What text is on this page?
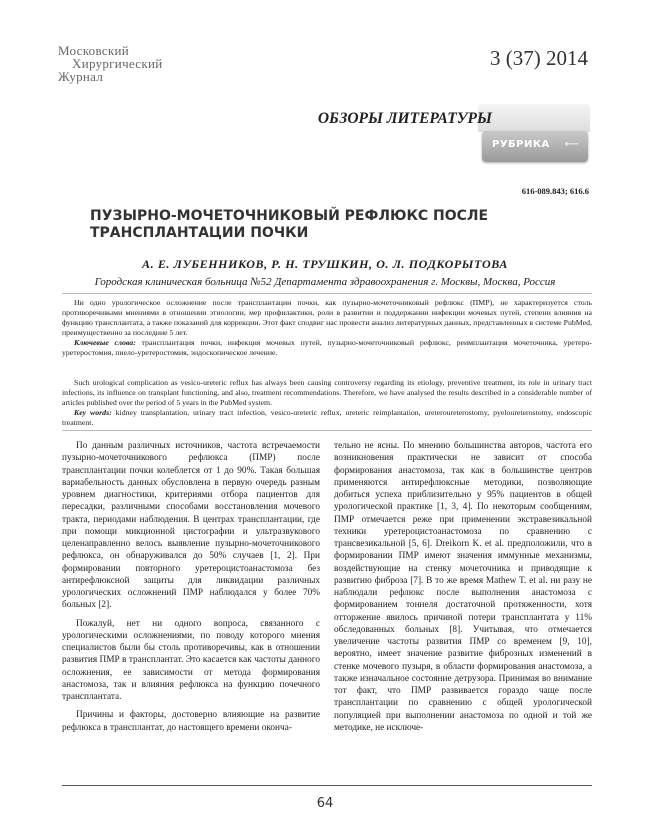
Московский
Хирургический
Журнал
3 (37) 2014
ОБЗОРЫ ЛИТЕРАТУРЫ
РУБРИКА ⟵
616-089.843; 616.6
ПУЗЫРНО-МОЧЕТОЧНИКОВЫЙ РЕФЛЮКС ПОСЛЕ ТРАНСПЛАНТАЦИИ ПОЧКИ
А. Е. ЛУБЕННИКОВ, Р. Н. ТРУШКИН, О. Л. ПОДКОРЫТОВА
Городская клиническая больница №52 Департамента здравоохранения г. Москвы, Москва, Россия

Ни одно урологическое осложнение после трансплантации почки, как пузырно-мочеточниковый рефлюкс (ПМР), не характеризуется столь противоречивыми мнениями в отношении этиологии, мер профилактики, роли в развитии и поддержании инфекции мочевых путей, степени влияния на функцию трансплантата, а также показаний для коррекции. Этот факт сподвиг нас провести анализ литературных данных, представленных в системе PubMed, преимущественно за последние 5 лет.

Ключевые слова: трансплантация почки, инфекция мочевых путей, пузырно-мочеточниковый рефлюкс, реимплантация мочеточника, уретеро-уретеростомия, пиело-уретеростомия, эндоскопическое лечение.

Such urological complication as vesico-ureteric reflux has always been causing controversy regarding its etiology, preventive treatment, its role in urinary tract infections, its influence on transplant functioning, and also, treatment recommendations. Therefore, we have analysed the results described in a considerable number of articles published over the period of 5 years in the PubMed system.

Key words: kidney transplantation, urinary tract infection, vesico-ureteric reflux, ureteric reimplantation, ureteroureterostomy, pyeloureterostomy, endoscopic treatment.

По данным различных источников, частота встречаемости пузырно-мочеточникового рефлюкса (ПМР) после трансплантации почки колеблется от 1 до 90%. Такая большая вариабельность данных обусловлена в первую очередь разным уровнем диагностики, критериями отбора пациентов для пересадки, различными способами восстановления мочевого тракта, периодами наблюдения. В центрах трансплантации, где при помощи микционной цистографии и ультразвукового целенаправленно велось выявление пузырно-мочеточникового рефлюкса, он обнаруживался до 50% случаев [1, 2]. При формировании повторного уретероцистоанастомоза без антирефлюксной защиты для ликвидации различных урологических осложнений ПМР наблюдался у более 70% больных [2].

Пожалуй, нет ни одного вопроса, связанного с урологическими осложнениями, по поводу которого мнения специалистов были бы столь противоречивы, как в отношении развития ПМР в трансплантат. Это касается как частоты данного осложнения, ее зависимости от метода формирования анастомоза, так и влияния рефлюкса на функцию почечного трансплантата.

Причины и факторы, достоверно влияющие на развитие рефлюкса в трансплантат, до настоящего времени оконча-

тельно не ясны. По мнению большинства авторов, частота его возникновения практически не зависит от способа формирования анастомоза, так как в большинстве центров применяются антирефлюксные методики, позволяющие добиться успеха приблизительно у 95% пациентов в общей урологической практике [1, 3, 4]. По некоторым сообщениям, ПМР отмечается реже при применении экстравезикальной техники уретероцистоанастомоза по сравнению с трансвезикальной [5, 6]. Dreikorn K. et al. предположили, что в формировании ПМР имеют значения иммунные механизмы, воздействующие на стенку мочеточника и приводящие к развитию фиброза [7]. В то же время Mathew T. et al. ни разу не наблюдали рефлюкс после выполнения анастомоза с формированием тоннеля достаточной протяженности, хотя отторжение явилось причиной потери трансплантата у 11% обследованных больных [8]. Учитывая, что отмечается увеличение частоты развития ПМР со временем [9, 10], вероятно, имеет значение развитие фиброзных изменений в стенке мочевого пузыря, в области формирования анастомоза, а также изначальное состояние детрузора. Принимая во внимание тот факт, что ПМР развивается гораздо чаще после трансплантации по сравнению с общей урологической популяцией при выполнении анастомоза по одной и той же методике, не исключе-

64
